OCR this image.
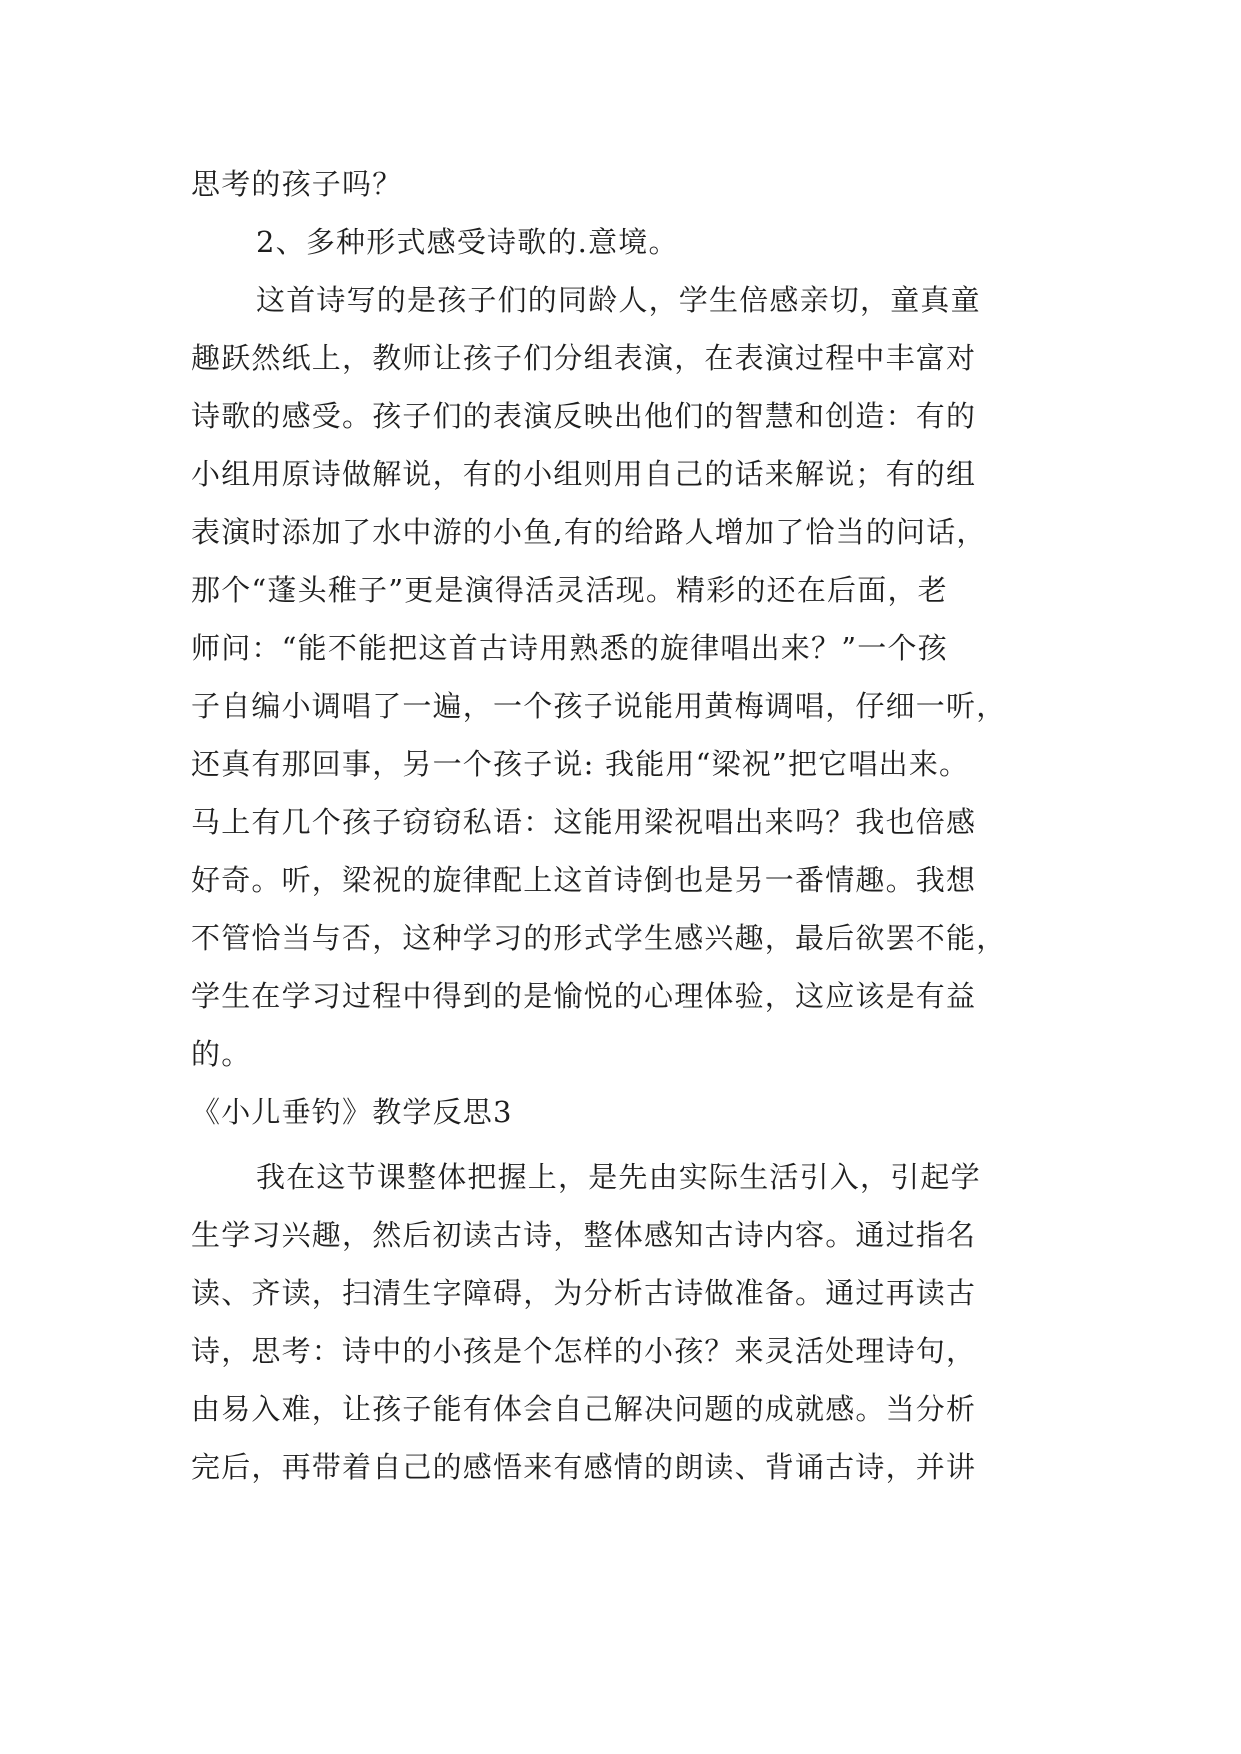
思考的孩子吗？
2、多种形式感受诗歌的.意境。
这首诗写的是孩子们的同龄人，学生倍感亲切，童真童
趣跃然纸上，教师让孩子们分组表演，在表演过程中丰富对
诗歌的感受。孩子们的表演反映出他们的智慧和创造：有的
小组用原诗做解说，有的小组则用自己的话来解说；有的组
表演时添加了水中游的小鱼,有的给路人增加了恰当的问话，
那个“蓬头稚子”更是演得活灵活现。精彩的还在后面，老
师问：“能不能把这首古诗用熟悉的旋律唱出来？”一个孩
子自编小调唱了一遍，一个孩子说能用黄梅调唱，仔细一听，
还真有那回事，另一个孩子说: 我能用“梁祝”把它唱出来。
马上有几个孩子窃窃私语：这能用梁祝唱出来吗？我也倍感
好奇。听，梁祝的旋律配上这首诗倒也是另一番情趣。我想
不管恰当与否，这种学习的形式学生感兴趣，最后欲罢不能，
学生在学习过程中得到的是愉悦的心理体验，这应该是有益
的。
《小儿垂钓》教学反思3
我在这节课整体把握上，是先由实际生活引入，引起学
生学习兴趣，然后初读古诗，整体感知古诗内容。通过指名
读、齐读，扫清生字障碍，为分析古诗做准备。通过再读古
诗，思考：诗中的小孩是个怎样的小孩？来灵活处理诗句，
由易入难，让孩子能有体会自己解决问题的成就感。当分析
完后，再带着自己的感悟来有感情的朗读、背诵古诗，并讲
